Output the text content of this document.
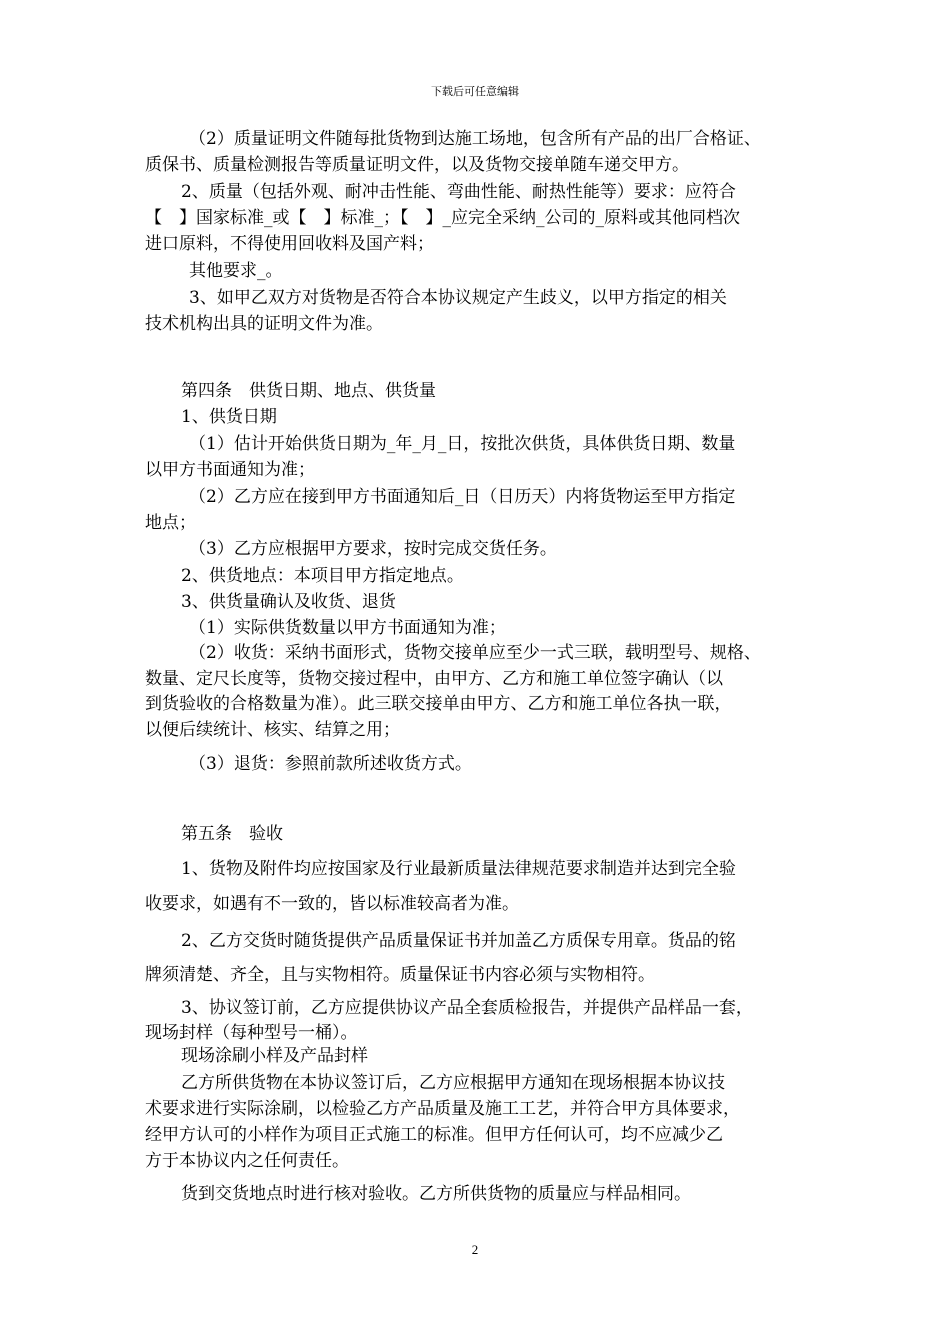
下载后可任意编辑
（2）质量证明文件随每批货物到达施工场地，包含所有产品的出厂合格证、
质保书、质量检测报告等质量证明文件，以及货物交接单随车递交甲方。
2、质量（包括外观、耐冲击性能、弯曲性能、耐热性能等）要求：应符合
【　】国家标准_或【　】标准_；【　】_应完全采纳_公司的_原料或其他同档次
进口原料，不得使用回收料及国产料；
其他要求_。
3、如甲乙双方对货物是否符合本协议规定产生歧义，以甲方指定的相关
技术机构出具的证明文件为准。
第四条　供货日期、地点、供货量
1、供货日期
（1）估计开始供货日期为_年_月_日，按批次供货，具体供货日期、数量
以甲方书面通知为准；
（2）乙方应在接到甲方书面通知后_日（日历天）内将货物运至甲方指定
地点；
（3）乙方应根据甲方要求，按时完成交货任务。
2、供货地点：本项目甲方指定地点。
3、供货量确认及收货、退货
（1）实际供货数量以甲方书面通知为准；
（2）收货：采纳书面形式，货物交接单应至少一式三联，载明型号、规格、
数量、定尺长度等，货物交接过程中，由甲方、乙方和施工单位签字确认（以
到货验收的合格数量为准）。此三联交接单由甲方、乙方和施工单位各执一联，
以便后续统计、核实、结算之用；
（3）退货：参照前款所述收货方式。
第五条　验收
1、货物及附件均应按国家及行业最新质量法律规范要求制造并达到完全验
收要求，如遇有不一致的，皆以标准较高者为准。
2、乙方交货时随货提供产品质量保证书并加盖乙方质保专用章。货品的铭
牌须清楚、齐全，且与实物相符。质量保证书内容必须与实物相符。
3、协议签订前，乙方应提供协议产品全套质检报告，并提供产品样品一套，
现场封样（每种型号一桶）。
现场涂刷小样及产品封样
乙方所供货物在本协议签订后，乙方应根据甲方通知在现场根据本协议技
术要求进行实际涂刷，以检验乙方产品质量及施工工艺，并符合甲方具体要求，
经甲方认可的小样作为项目正式施工的标准。但甲方任何认可，均不应减少乙
方于本协议内之任何责任。
货到交货地点时进行核对验收。乙方所供货物的质量应与样品相同。
2
